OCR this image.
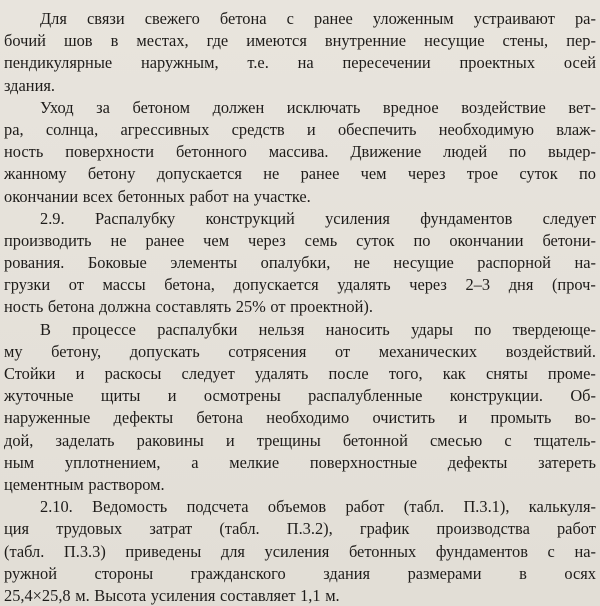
Для связи свежего бетона с ранее уложенным устраивают ра-
бочий шов в местах, где имеются внутренние несущие стены, пер-
пендикулярные наружным, т.е. на пересечении проектных осей
здания.
Уход за бетоном должен исключать вредное воздействие вет-
ра, солнца, агрессивных средств и обеспечить необходимую влаж-
ность поверхности бетонного массива. Движение людей по выдер-
жанному бетону допускается не ранее чем через трое суток по
окончании всех бетонных работ на участке.
2.9. Распалубку конструкций усиления фундаментов следует
производить не ранее чем через семь суток по окончании бетони-
рования. Боковые элементы опалубки, не несущие распорной на-
грузки от массы бетона, допускается удалять через 2–3 дня (проч-
ность бетона должна составлять 25% от проектной).
В процессе распалубки нельзя наносить удары по твердеюще-
му бетону, допускать сотрясения от механических воздействий.
Стойки и раскосы следует удалять после того, как сняты проме-
жуточные щиты и осмотрены распалубленные конструкции. Об-
наруженные дефекты бетона необходимо очистить и промыть во-
дой, заделать раковины и трещины бетонной смесью с тщатель-
ным уплотнением, а мелкие поверхностные дефекты затереть
цементным раствором.
2.10. Ведомость подсчета объемов работ (табл. П.3.1), калькуля-
ция трудовых затрат (табл. П.3.2), график производства работ
(табл. П.3.3) приведены для усиления бетонных фундаментов с на-
ружной стороны гражданского здания размерами в осях
25,4×25,8 м. Высота усиления составляет 1,1 м.
